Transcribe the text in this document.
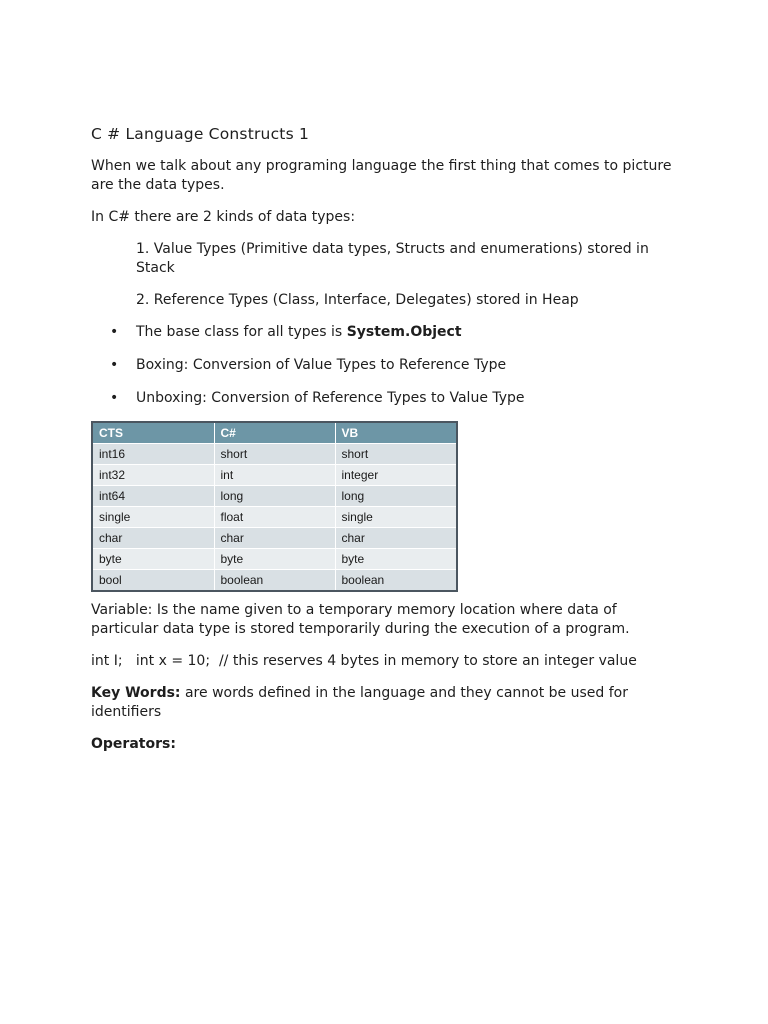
C # Language Constructs 1

When we talk about any programing language the first thing that comes to picture are the data types.

In C# there are 2 kinds of data types:

1. Value Types (Primitive data types, Structs and enumerations) stored in Stack

2. Reference Types (Class, Interface, Delegates) stored in Heap

• The base class for all types is System.Object
• Boxing: Conversion of Value Types to Reference Type
• Unboxing: Conversion of Reference Types to Value Type
CTS	C#	VB
int16	short	short
int32	int	integer
int64	long	long
single	float	single
char	char	char
byte	byte	byte
bool	boolean	boolean

Variable: Is the name given to a temporary memory location where data of particular data type is stored temporarily during the execution of a program.

int I;   int x = 10;  // this reserves 4 bytes in memory to store an integer value

Key Words: are words defined in the language and they cannot be used for identifiers

Operators:
